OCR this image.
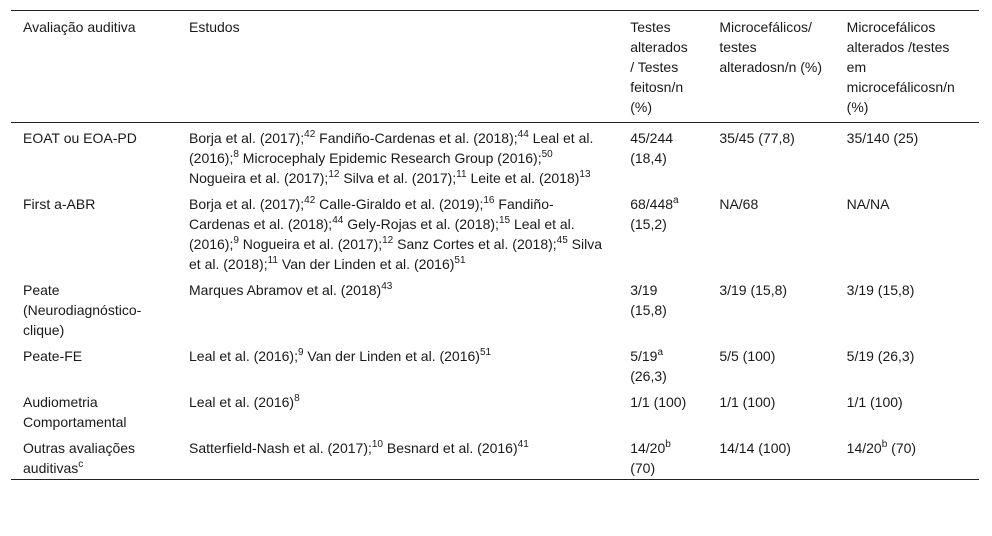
Avaliação auditiva	Estudos	Testes alterados / Testes feitosn/n (%)	Microcefálicos/ testes alteradosn/n (%)	Microcefálicos alterados /testes em microcefálicosn/n (%)
EOAT ou EOA-PD	Borja et al. (2017);$^{42}$ Fandiño-Cardenas et al. (2018);$^{44}$ Leal et al. (2016);$^8$ Microcephaly Epidemic Research Group (2016);$^{50}$ Nogueira et al. (2017);$^{12}$ Silva et al. (2017);$^{11}$ Leite et al. $(2018)^{13}$	45/244 (18,4)	35/45 (77,8)	35/140 (25)
First a-ABR	Borja et al. (2017);$^{42}$ Calle-Giraldo et al. (2019);$^{16}$ Fandiño-Cardenas et al. (2018);$^{44}$ Gely-Rojas et al. (2018);$^{15}$ Leal et al. (2016);$^9$ Nogueira et al. (2017);$^{12}$ Sanz Cortes et al. (2018);$^{45}$ Silva et al. (2018);$^{11}$ Van der Linden et al. $(2016)^{51}$	68/448$^a$ (15,2)	NA/68	NA/NA
Peate (Neurodiagnóstico-clique)	Marques Abramov et al. $(2018)^{43}$	3/19 (15,8)	3/19 (15,8)	3/19 (15,8)
Peate-FE	Leal et al. (2016);$^9$ Van der Linden et al. $(2016)^{51}$	5/19$^a$ (26,3)	5/5 (100)	5/19 (26,3)
Audiometria Comportamental	Leal et al. $(2016)^8$	1/1 (100)	1/1 (100)	1/1 (100)
Outras avaliações auditivas$^c$	Satterfield-Nash et al. (2017);$^{10}$ Besnard et al. $(2016)^{41}$	14/20$^b$ (70)	14/14 (100)	14/20$^b$ (70)
